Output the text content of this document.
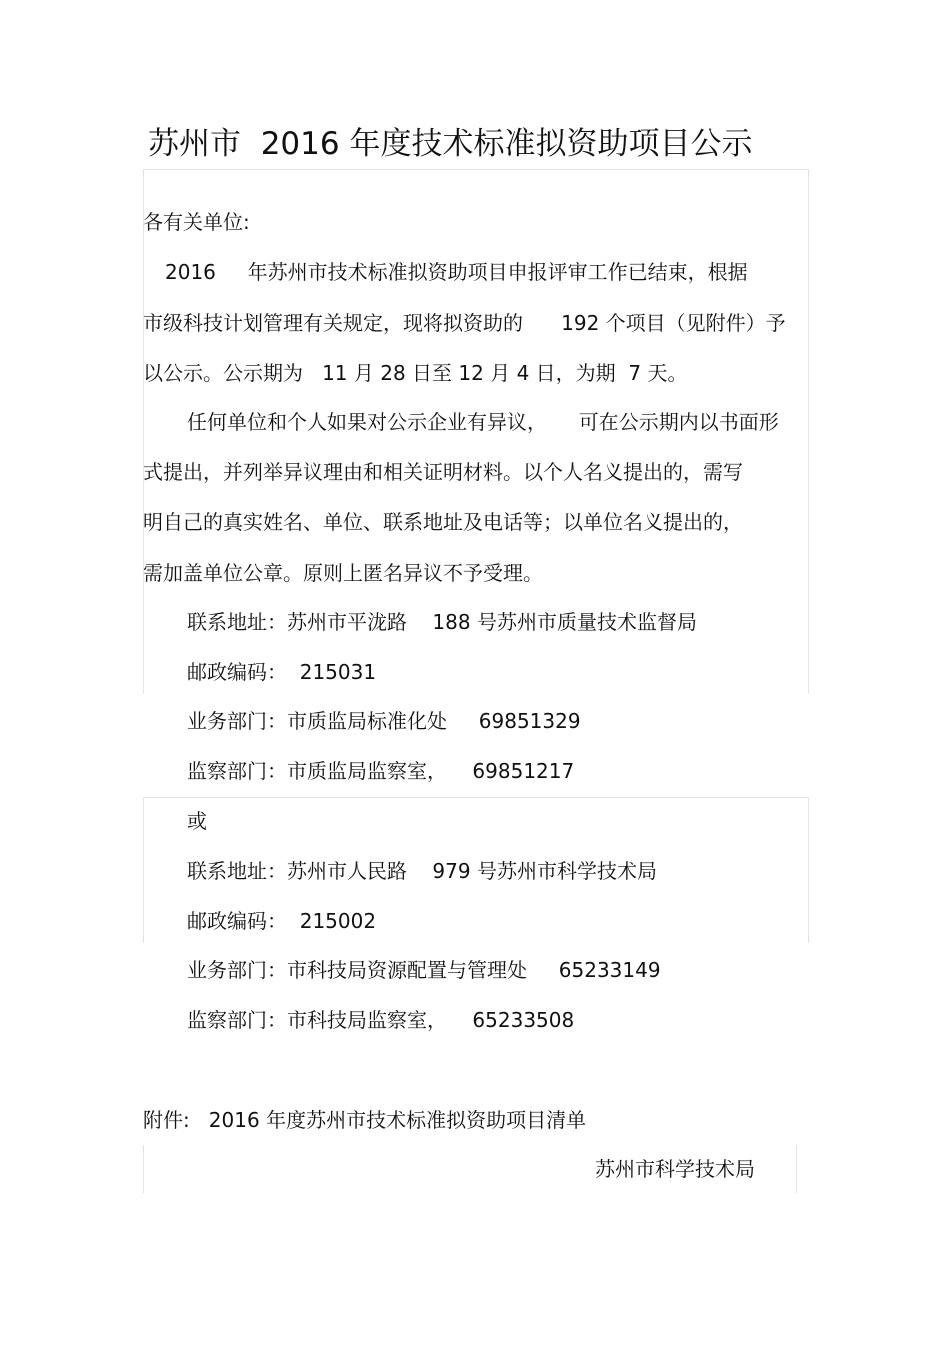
苏州市  2016 年度技术标准拟资助项目公示
各有关单位:
2016     年苏州市技术标准拟资助项目申报评审工作已结束，根据
市级科技计划管理有关规定，现将拟资助的      192 个项目（见附件）予
以公示。公示期为   11 月 28 日至 12 月 4 日，为期  7 天。
任何单位和个人如果对公示企业有异议，     可在公示期内以书面形
式提出，并列举异议理由和相关证明材料。以个人名义提出的，需写
明自己的真实姓名、单位、联系地址及电话等；以单位名义提出的，
需加盖单位公章。原则上匿名异议不予受理。
联系地址：苏州市平泷路    188 号苏州市质量技术监督局
邮政编码：  215031
业务部门：市质监局标准化处     69851329
监察部门：市质监局监察室，    69851217
或
联系地址：苏州市人民路    979 号苏州市科学技术局
邮政编码：  215002
业务部门：市科技局资源配置与管理处     65233149
监察部门：市科技局监察室，    65233508
附件:   2016 年度苏州市技术标准拟资助项目清单
苏州市科学技术局
